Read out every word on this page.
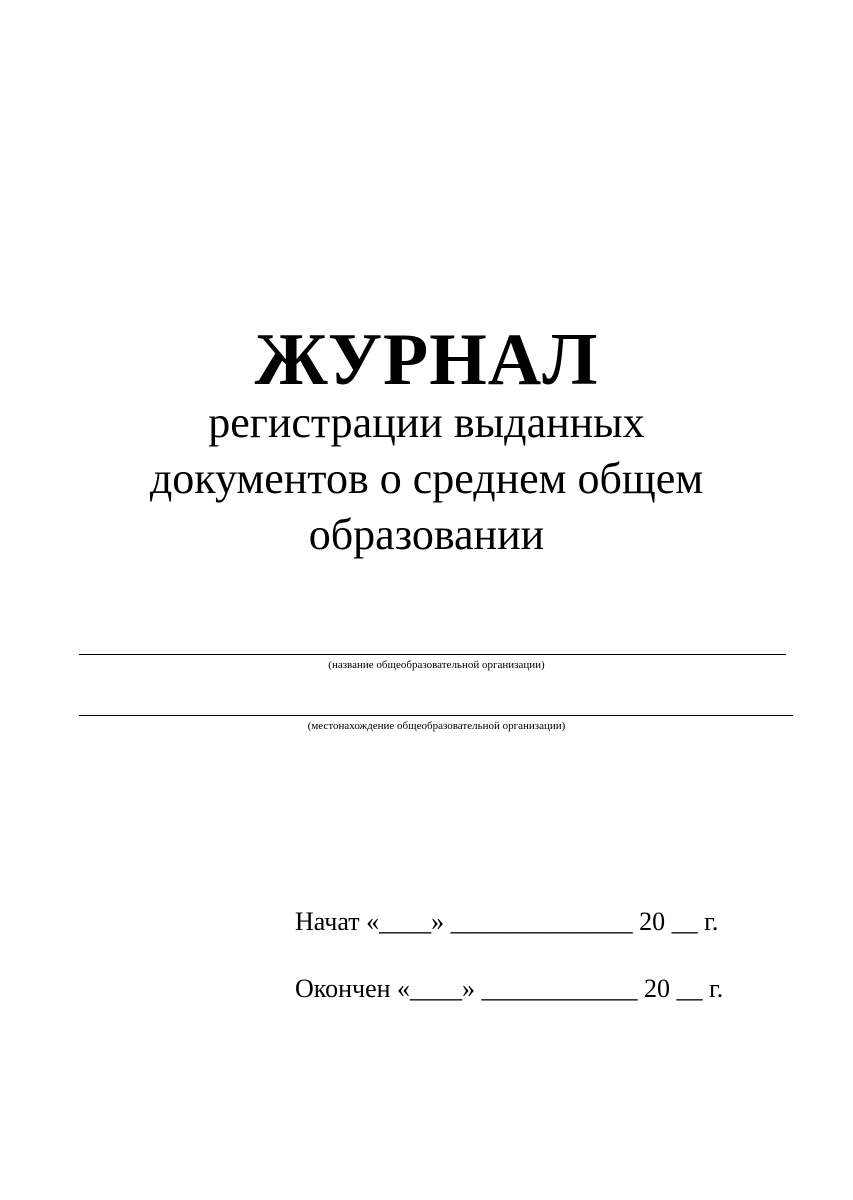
ЖУРНАЛ
регистрации выданных
документов о среднем общем
образовании
(название общеобразовательной организации)
(местонахождение общеобразовательной организации)
Начат «____» ______________ 20 __ г.
Окончен «____» ____________ 20 __ г.
